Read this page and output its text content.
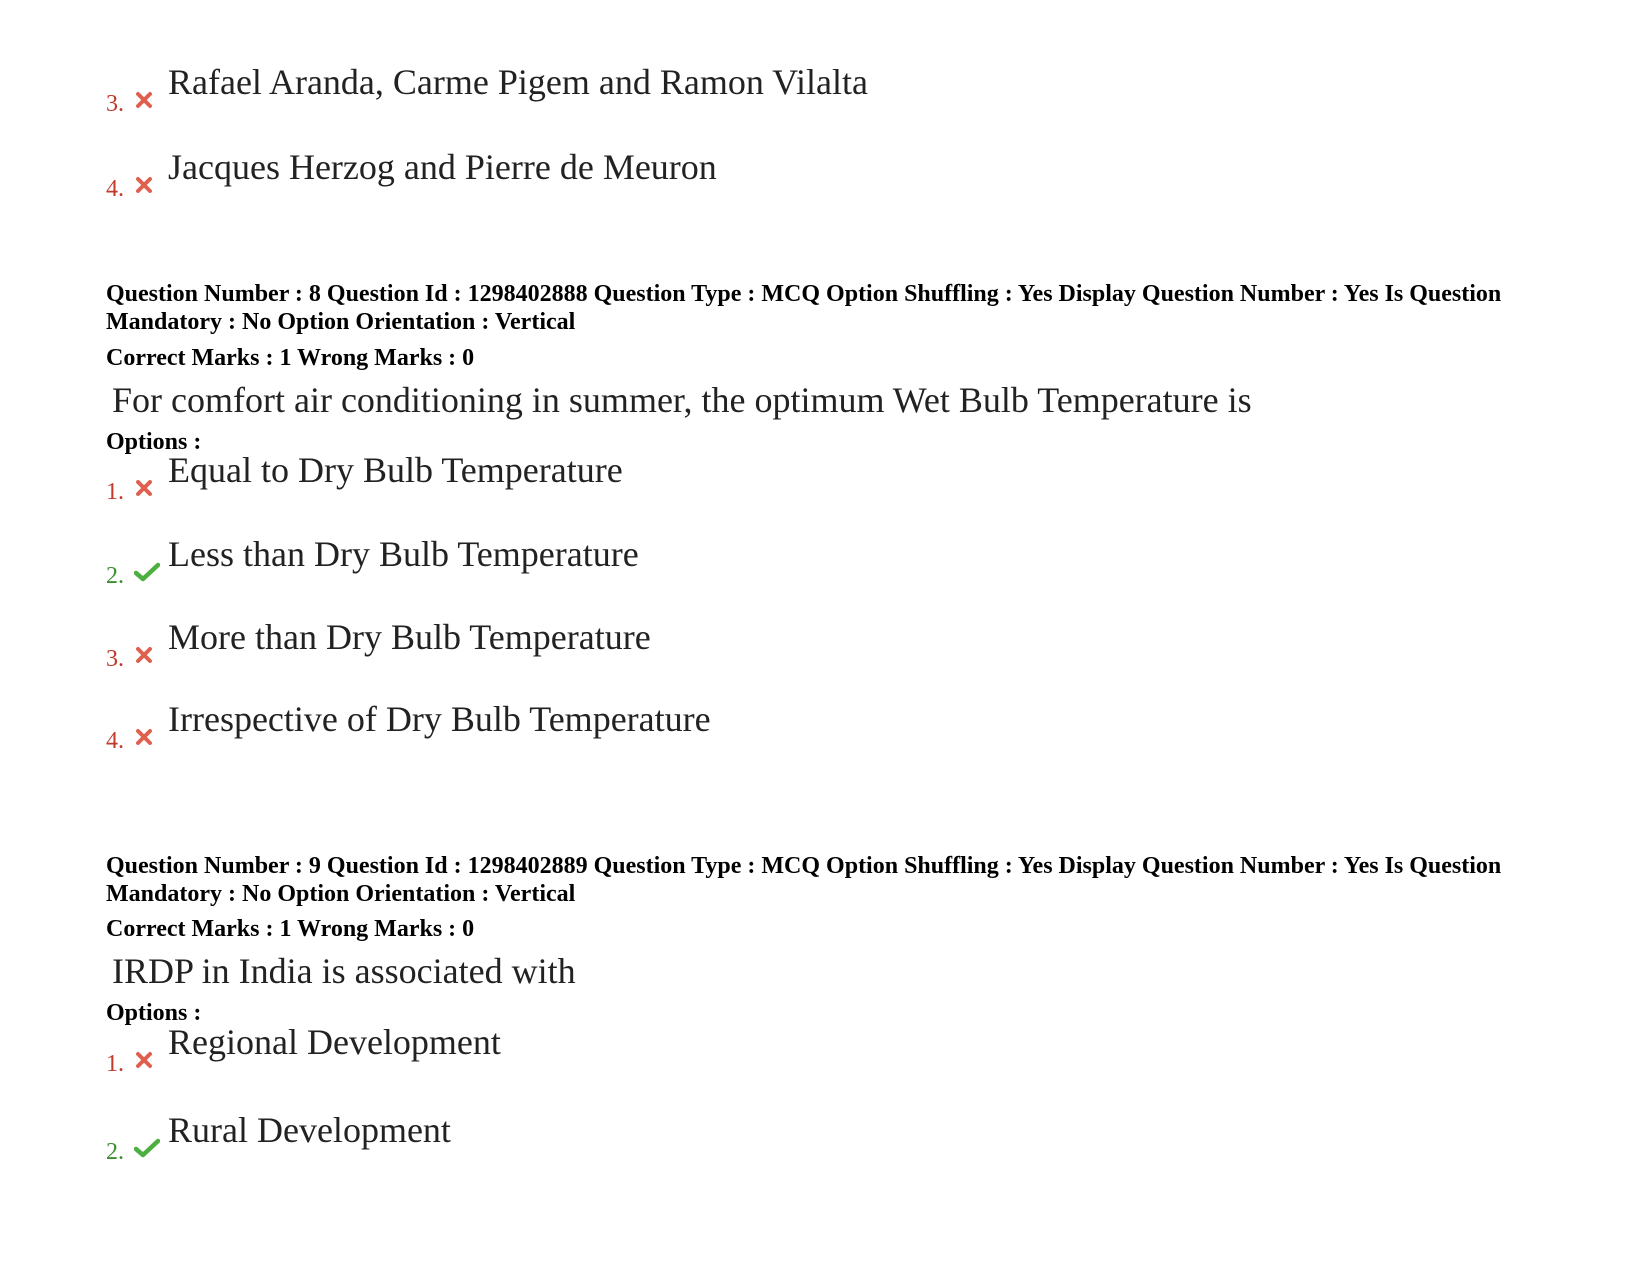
3.
Rafael Aranda, Carme Pigem and Ramon Vilalta
4.
Jacques Herzog and Pierre de Meuron
Question Number : 8 Question Id : 1298402888 Question Type : MCQ Option Shuffling : Yes Display Question Number : Yes Is Question Mandatory : No Option Orientation : Vertical
Correct Marks : 1 Wrong Marks : 0
For comfort air conditioning in summer, the optimum Wet Bulb Temperature is
Options :
1.
Equal to Dry Bulb Temperature
2.
Less than Dry Bulb Temperature
3.
More than Dry Bulb Temperature
4.
Irrespective of Dry Bulb Temperature
Question Number : 9 Question Id : 1298402889 Question Type : MCQ Option Shuffling : Yes Display Question Number : Yes Is Question Mandatory : No Option Orientation : Vertical
Correct Marks : 1 Wrong Marks : 0
IRDP in India is associated with
Options :
1.
Regional Development
2.
Rural Development
